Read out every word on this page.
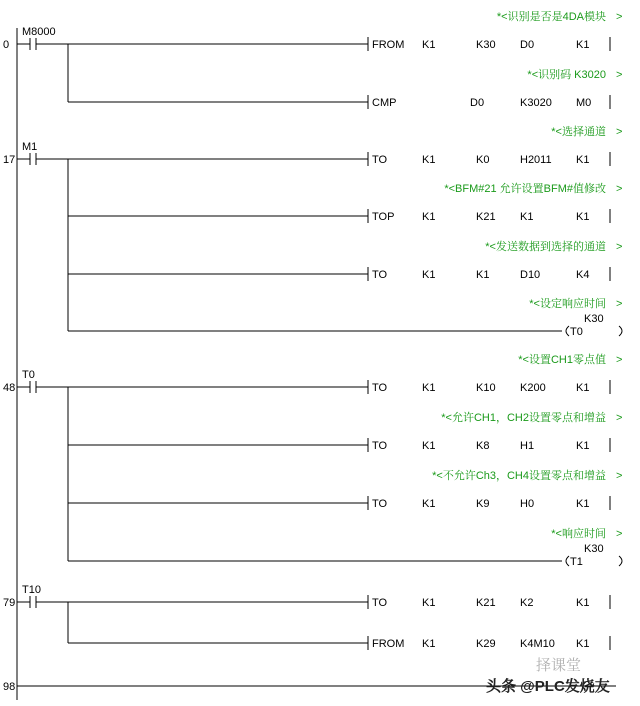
0
M8000
*<识别是否是4DA模块 >
FROM K1	K30 D0	K1
*<识别码 K3020 >
CMP	D0	K3020 M0
17
M1
*<选择通道 >
TO	K1	K0	H2011 K1
*<BFM#21 允许设置BFM#值修改 >
TOP	K1	K21 K1	K1
*<发送数据到选择的通道 >
TO	K1	K1	D10	K4
*<设定响应时间 >
T0
K30
48
T0
*<设置CH1零点值 >
TO	K1	K10 K200	K1
*<允许CH1，CH2设置零点和增益 >
TO	K1	K8	H1	K1
*<不允许Ch3，CH4设置零点和增益 >
TO	K1	K9	H0	K1
*<响应时间 >
T1
K30
79
T10
TO	K1	K21 K2	K1
FROM K1	K29 K4M10 K1
98
择课堂
头条 @PLC发烧友
